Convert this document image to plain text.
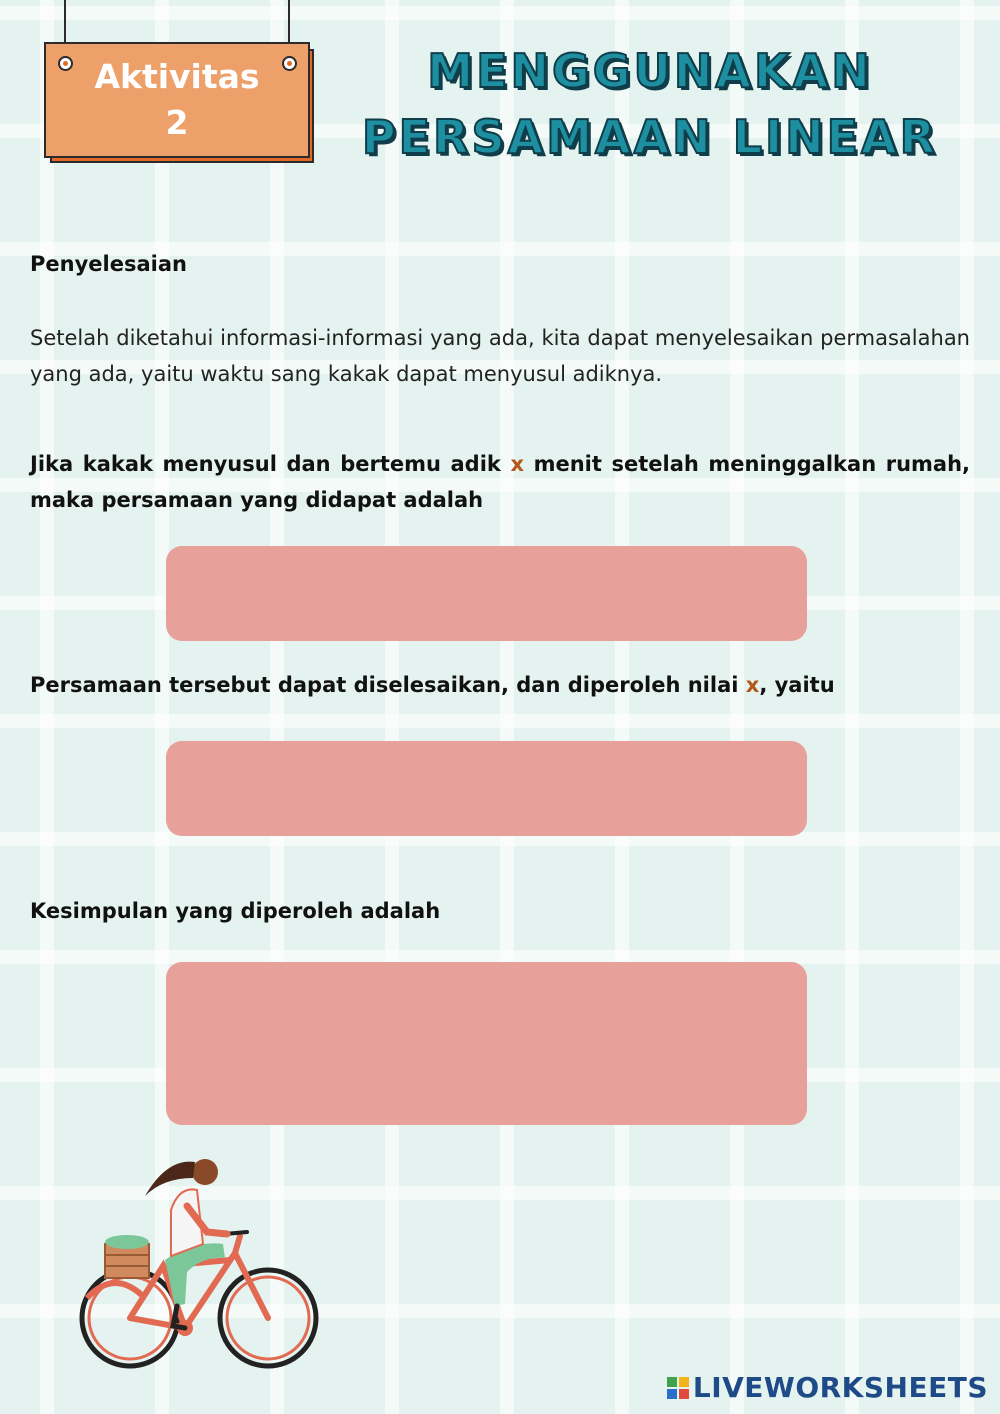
Aktivitas
2
MENGGUNAKAN
PERSAMAAN LINEAR
Penyelesaian
Setelah diketahui informasi-informasi yang ada, kita dapat menyelesaikan permasalahan yang ada, yaitu waktu sang kakak dapat menyusul adiknya.
Jika kakak menyusul dan bertemu adik x menit setelah meninggalkan rumah, maka persamaan yang didapat adalah
Persamaan tersebut dapat diselesaikan, dan diperoleh nilai x, yaitu
Kesimpulan yang diperoleh adalah
LIVEWORKSHEETS
